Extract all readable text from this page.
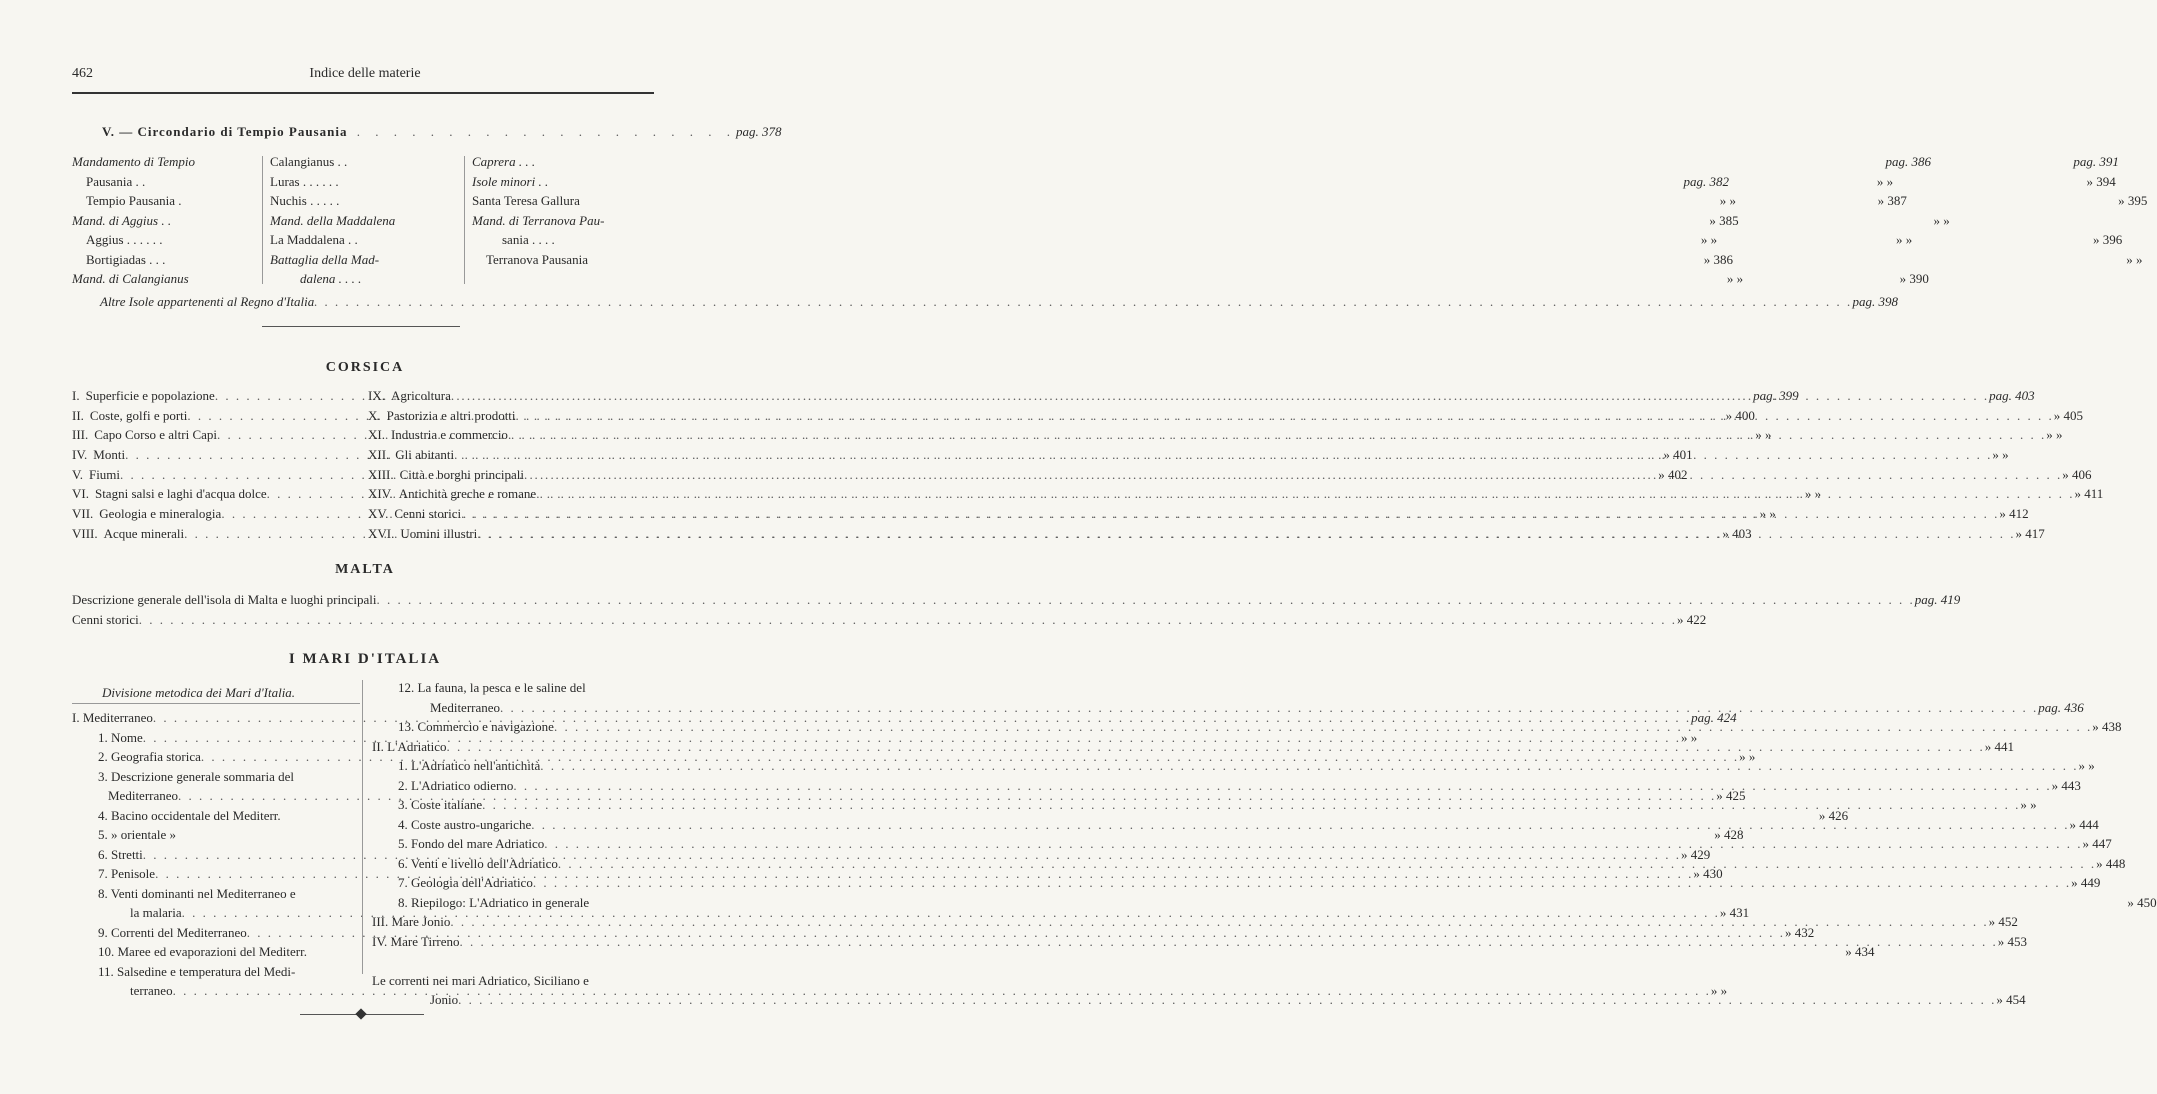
462	Indice delle materie
V. — Circondario di Tempio Pausania . . . . . . . . . . . . . . . . . . . . . pag. 378
Mandamento di Tempio
Pausania . .	pag. 382
Tempio Pausania .	» »
Mand. di Aggius . .	» 385
Aggius . . . . . .	» »
Bortigiadas . . .	» 386
Mand. di Calangianus	» »
Calangianus . .	pag. 386
Luras . . . . . .	» »
Nuchis . . . . .	» 387
Mand. della Maddalena	» »
La Maddalena . .	» »
Battaglia della Mad-
dalena . . . .	» 390
Caprera . . .	pag. 391
Isole minori . .	» 394
Santa Teresa Gallura	» 395
Mand. di Terranova Pau-
sania . . . .	» 396
Terranova Pausania	» »
Altre Isole appartenenti al Regno d'Italia . . .	pag. 398
CORSICA
I. Superficie e popolazione . . .	pag. 399
II. Coste, golfi e porti . . .	» 400
III. Capo Corso e altri Capi . . .	» »
IV. Monti . . .	» 401
V. Fiumi . . .	» 402
VI. Stagni salsi e laghi d'acqua dolce . . .	» »
VII. Geologia e mineralogia . . .	» »
VIII. Acque minerali . . .	» 403
IX. Agricoltura . . .	pag. 403
X. Pastorizia e altri prodotti . . .	» 405
XI. Industria e commercio . . .	» »
XII. Gli abitanti . . .	» »
XIII. Città e borghi principali . . .	» 406
XIV. Antichità greche e romane . . .	» 411
XV. Cenni storici . . .	» 412
XVI. Uomini illustri . . .	» 417
MALTA
Descrizione generale dell'isola di Malta e luoghi principali . . .	pag. 419
Cenni storici . . .	» 422
I MARI D'ITALIA
Divisione metodica dei Mari d'Italia.
I. Mediterraneo . . .	pag. 424
1. Nome . . .	» »
2. Geografia storica . . .	» »
3. Descrizione generale sommaria del
Mediterraneo . . .	» 425
4. Bacino occidentale del Mediterr.	» 426
5. » orientale »	» 428
6. Stretti . . .	» 429
7. Penisole . . .	» 430
8. Venti dominanti nel Mediterraneo e
la malaria . . .	» 431
9. Correnti del Mediterraneo . . .	» 432
10. Maree ed evaporazioni del Mediterr.	» 434
11. Salsedine e temperatura del Medi-
terraneo . . .	» »
12. La fauna, la pesca e le saline del
Mediterraneo . . .	pag. 436
13. Commercio e navigazione . . .	» 438
II. L'Adriatico . . .	» 441
1. L'Adriatico nell'antichità . . .	» »
2. L'Adriatico odierno . . .	» 443
3. Coste italiane . . .	» »
4. Coste austro-ungariche . . .	» 444
5. Fondo del mare Adriatico . . .	» 447
6. Venti e livello dell'Adriatico . . .	» 448
7. Geologia dell'Adriatico . . .	» 449
8. Riepilogo: L'Adriatico in generale	» 450
III. Mare Jonio . . .	» 452
IV. Mare Tirreno . . .	» 453
Le correnti nei mari Adriatico, Siciliano e
Jonio . . .	» 454
